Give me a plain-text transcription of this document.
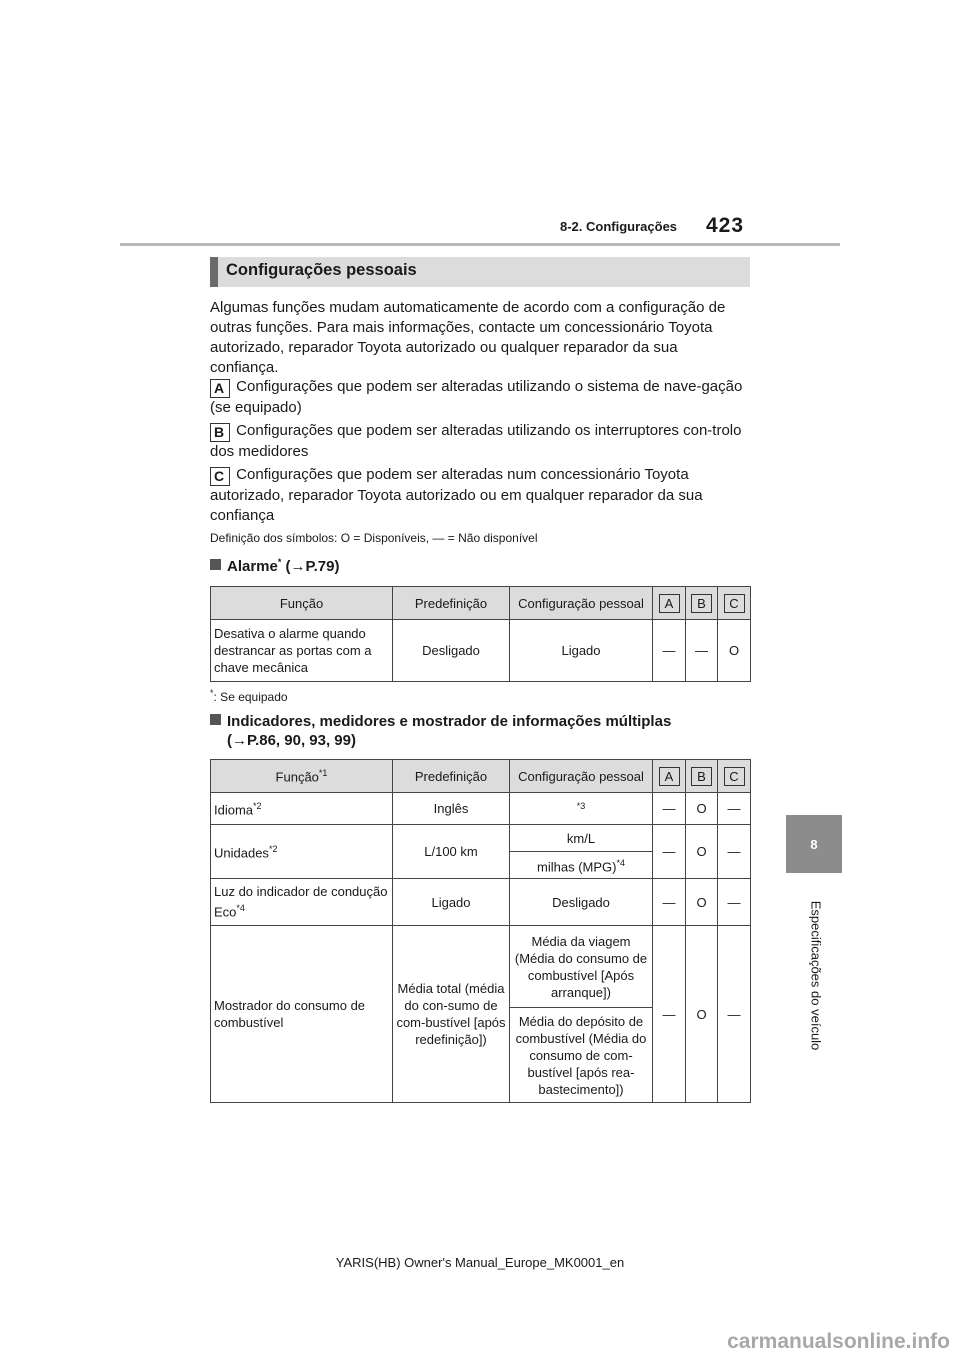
8-2. Configurações 423
8
Especificações do veículo
Configurações pessoais
Algumas funções mudam automaticamente de acordo com a configuração de outras funções. Para mais informações, contacte um concessionário Toyota autorizado, reparador Toyota autorizado ou qualquer reparador da sua confiança.
A Configurações que podem ser alteradas utilizando o sistema de nave-gação (se equipado)
B Configurações que podem ser alteradas utilizando os interruptores con-trolo dos medidores
C Configurações que podem ser alteradas num concessionário Toyota autorizado, reparador Toyota autorizado ou em qualquer reparador da sua confiança
Definição dos símbolos: O = Disponíveis, — = Não disponível
Alarme* (→P.79)
Função	Predefinição	Configuração pessoal	A	B	C
Desativa o alarme quando destrancar as portas com a chave mecânica	Desligado	Ligado	—	—	O
*: Se equipado
Indicadores, medidores e mostrador de informações múltiplas
(→P.86, 90, 93, 99)
Função$^{*1}$	Predefinição	Configuração pessoal	A	B	C
Idioma$^{*2}$	Inglês	$^{*3}$	—	O	—
Unidades$^{*2}$	L/100 km	km/L	—	O	—
		milhas (MPG)$^{*4}$
Luz do indicador de condução Eco$^{*4}$	Ligado	Desligado	—	O	—
Mostrador do consumo de combustível	Média total (média do con-sumo de com-bustível [após redefinição])	Média da viagem (Média do consumo de combustível [Após arranque])	—	O	—
		Média do depósito de combustível (Média do consumo de com-bustível [após rea-bastecimento])			
YARIS(HB) Owner's Manual_Europe_MK0001_en
carmanualsonline.info
